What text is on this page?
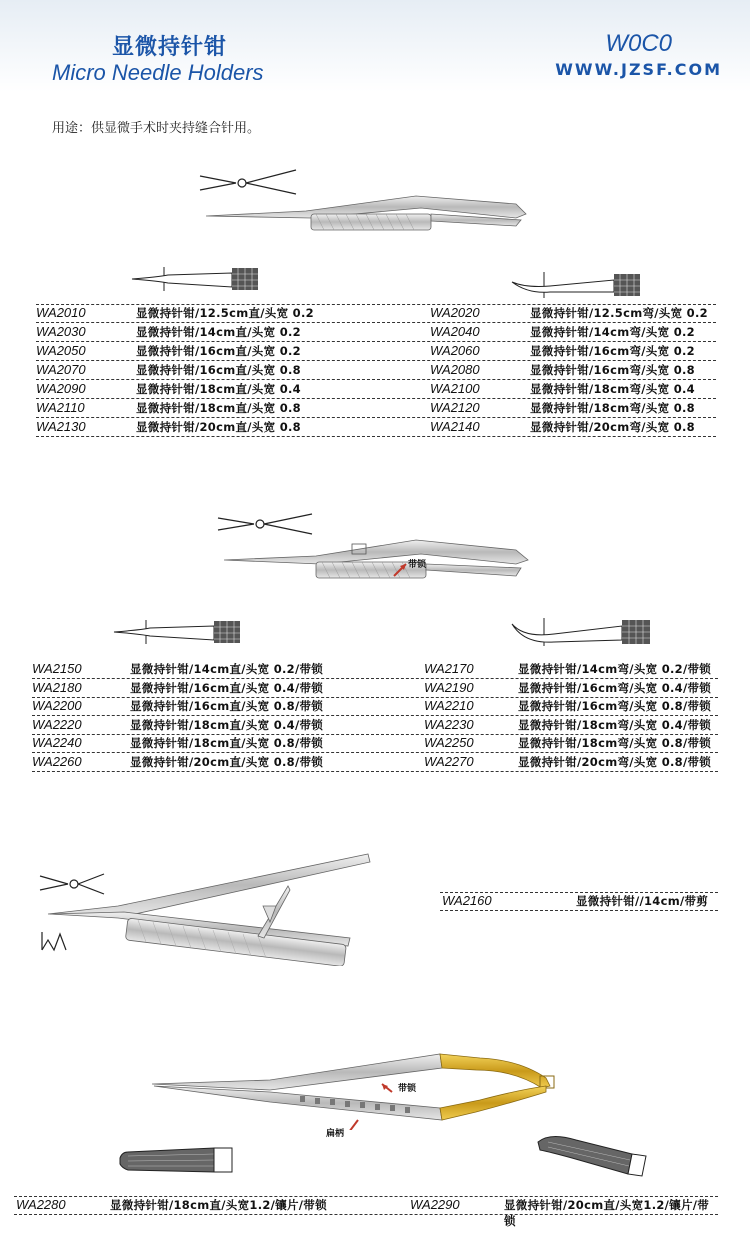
显微持针钳
Micro Needle Holders
W0C0
WWW.JZSF.COM
用途：供显微手术时夹持缝合针用。
WA2010	显微持针钳/12.5cm直/头宽 0.2	WA2020	显微持针钳/12.5cm弯/头宽 0.2
WA2030	显微持针钳/14cm直/头宽 0.2	WA2040	显微持针钳/14cm弯/头宽 0.2
WA2050	显微持针钳/16cm直/头宽 0.2	WA2060	显微持针钳/16cm弯/头宽 0.2
WA2070	显微持针钳/16cm直/头宽 0.8	WA2080	显微持针钳/16cm弯/头宽 0.8
WA2090	显微持针钳/18cm直/头宽 0.4	WA2100	显微持针钳/18cm弯/头宽 0.4
WA2110	显微持针钳/18cm直/头宽 0.8	WA2120	显微持针钳/18cm弯/头宽 0.8
WA2130	显微持针钳/20cm直/头宽 0.8	WA2140	显微持针钳/20cm弯/头宽 0.8
带锁
WA2150	显微持针钳/14cm直/头宽 0.2/带锁	WA2170	显微持针钳/14cm弯/头宽 0.2/带锁
WA2180	显微持针钳/16cm直/头宽 0.4/带锁	WA2190	显微持针钳/16cm弯/头宽 0.4/带锁
WA2200	显微持针钳/16cm直/头宽 0.8/带锁	WA2210	显微持针钳/16cm弯/头宽 0.8/带锁
WA2220	显微持针钳/18cm直/头宽 0.4/带锁	WA2230	显微持针钳/18cm弯/头宽 0.4/带锁
WA2240	显微持针钳/18cm直/头宽 0.8/带锁	WA2250	显微持针钳/18cm弯/头宽 0.8/带锁
WA2260	显微持针钳/20cm直/头宽 0.8/带锁	WA2270	显微持针钳/20cm弯/头宽 0.8/带锁
WA2160	显微持针钳//14cm/带剪
带锁
扁柄
WA2280	显微持针钳/18cm直/头宽1.2/镶片/带锁	WA2290	显微持针钳/20cm直/头宽1.2/镶片/带锁
